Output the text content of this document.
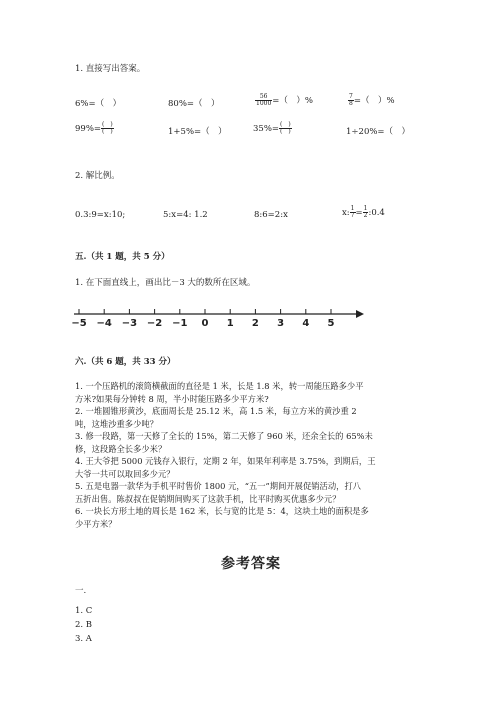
1. 直接写出答案。
6%=（　）	80%=（　）	$\frac{56}{1000}$ =（　）%	$\frac{7}{8}$ =（　）%
$99\%= \frac{( )}{( )}$	1+5%=（　）	$35\%= \frac{( )}{( )}$	1÷20%=（　）
2. 解比例。
0.3:9=x:10;	5:x=4: 1.2	8:6=2:x	x: $\frac{1}{7} = \frac{1}{2}$ :0.4
五.（共 1 题，共 5 分）
1. 在下面直线上，画出比－3 大的数所在区域。
−5 −4 −3 −2 −1	0	1	2	3	4	5
六.（共 6 题，共 33 分）
1. 一个压路机的滚筒横截面的直径是 1 米，长是 1.8 米，转一周能压路多少平
方米?如果每分钟转 8 周，半小时能压路多少平方米?
2. 一堆圆锥形黄沙，底面周长是 25.12 米，高 1.5 米，每立方米的黄沙重 2
吨，这堆沙重多少吨？
3. 修一段路，第一天修了全长的 15%，第二天修了 960 米，还余全长的 65%未
修，这段路全长多少米？
4. 王大爷把 5000 元钱存入银行，定期 2 年，如果年利率是 3.75%，到期后，王
大爷一共可以取回多少元？
5. 五是电器一款华为手机平时售价 1800 元，“五一”期间开展促销活动，打八
五折出售。陈叔叔在促销期间购买了这款手机，比平时购买优惠多少元？
6. 一块长方形土地的周长是 162 米，长与宽的比是 5：4，这块土地的面积是多
少平方米？
参考答案
一.
1. C
2. B
3. A
